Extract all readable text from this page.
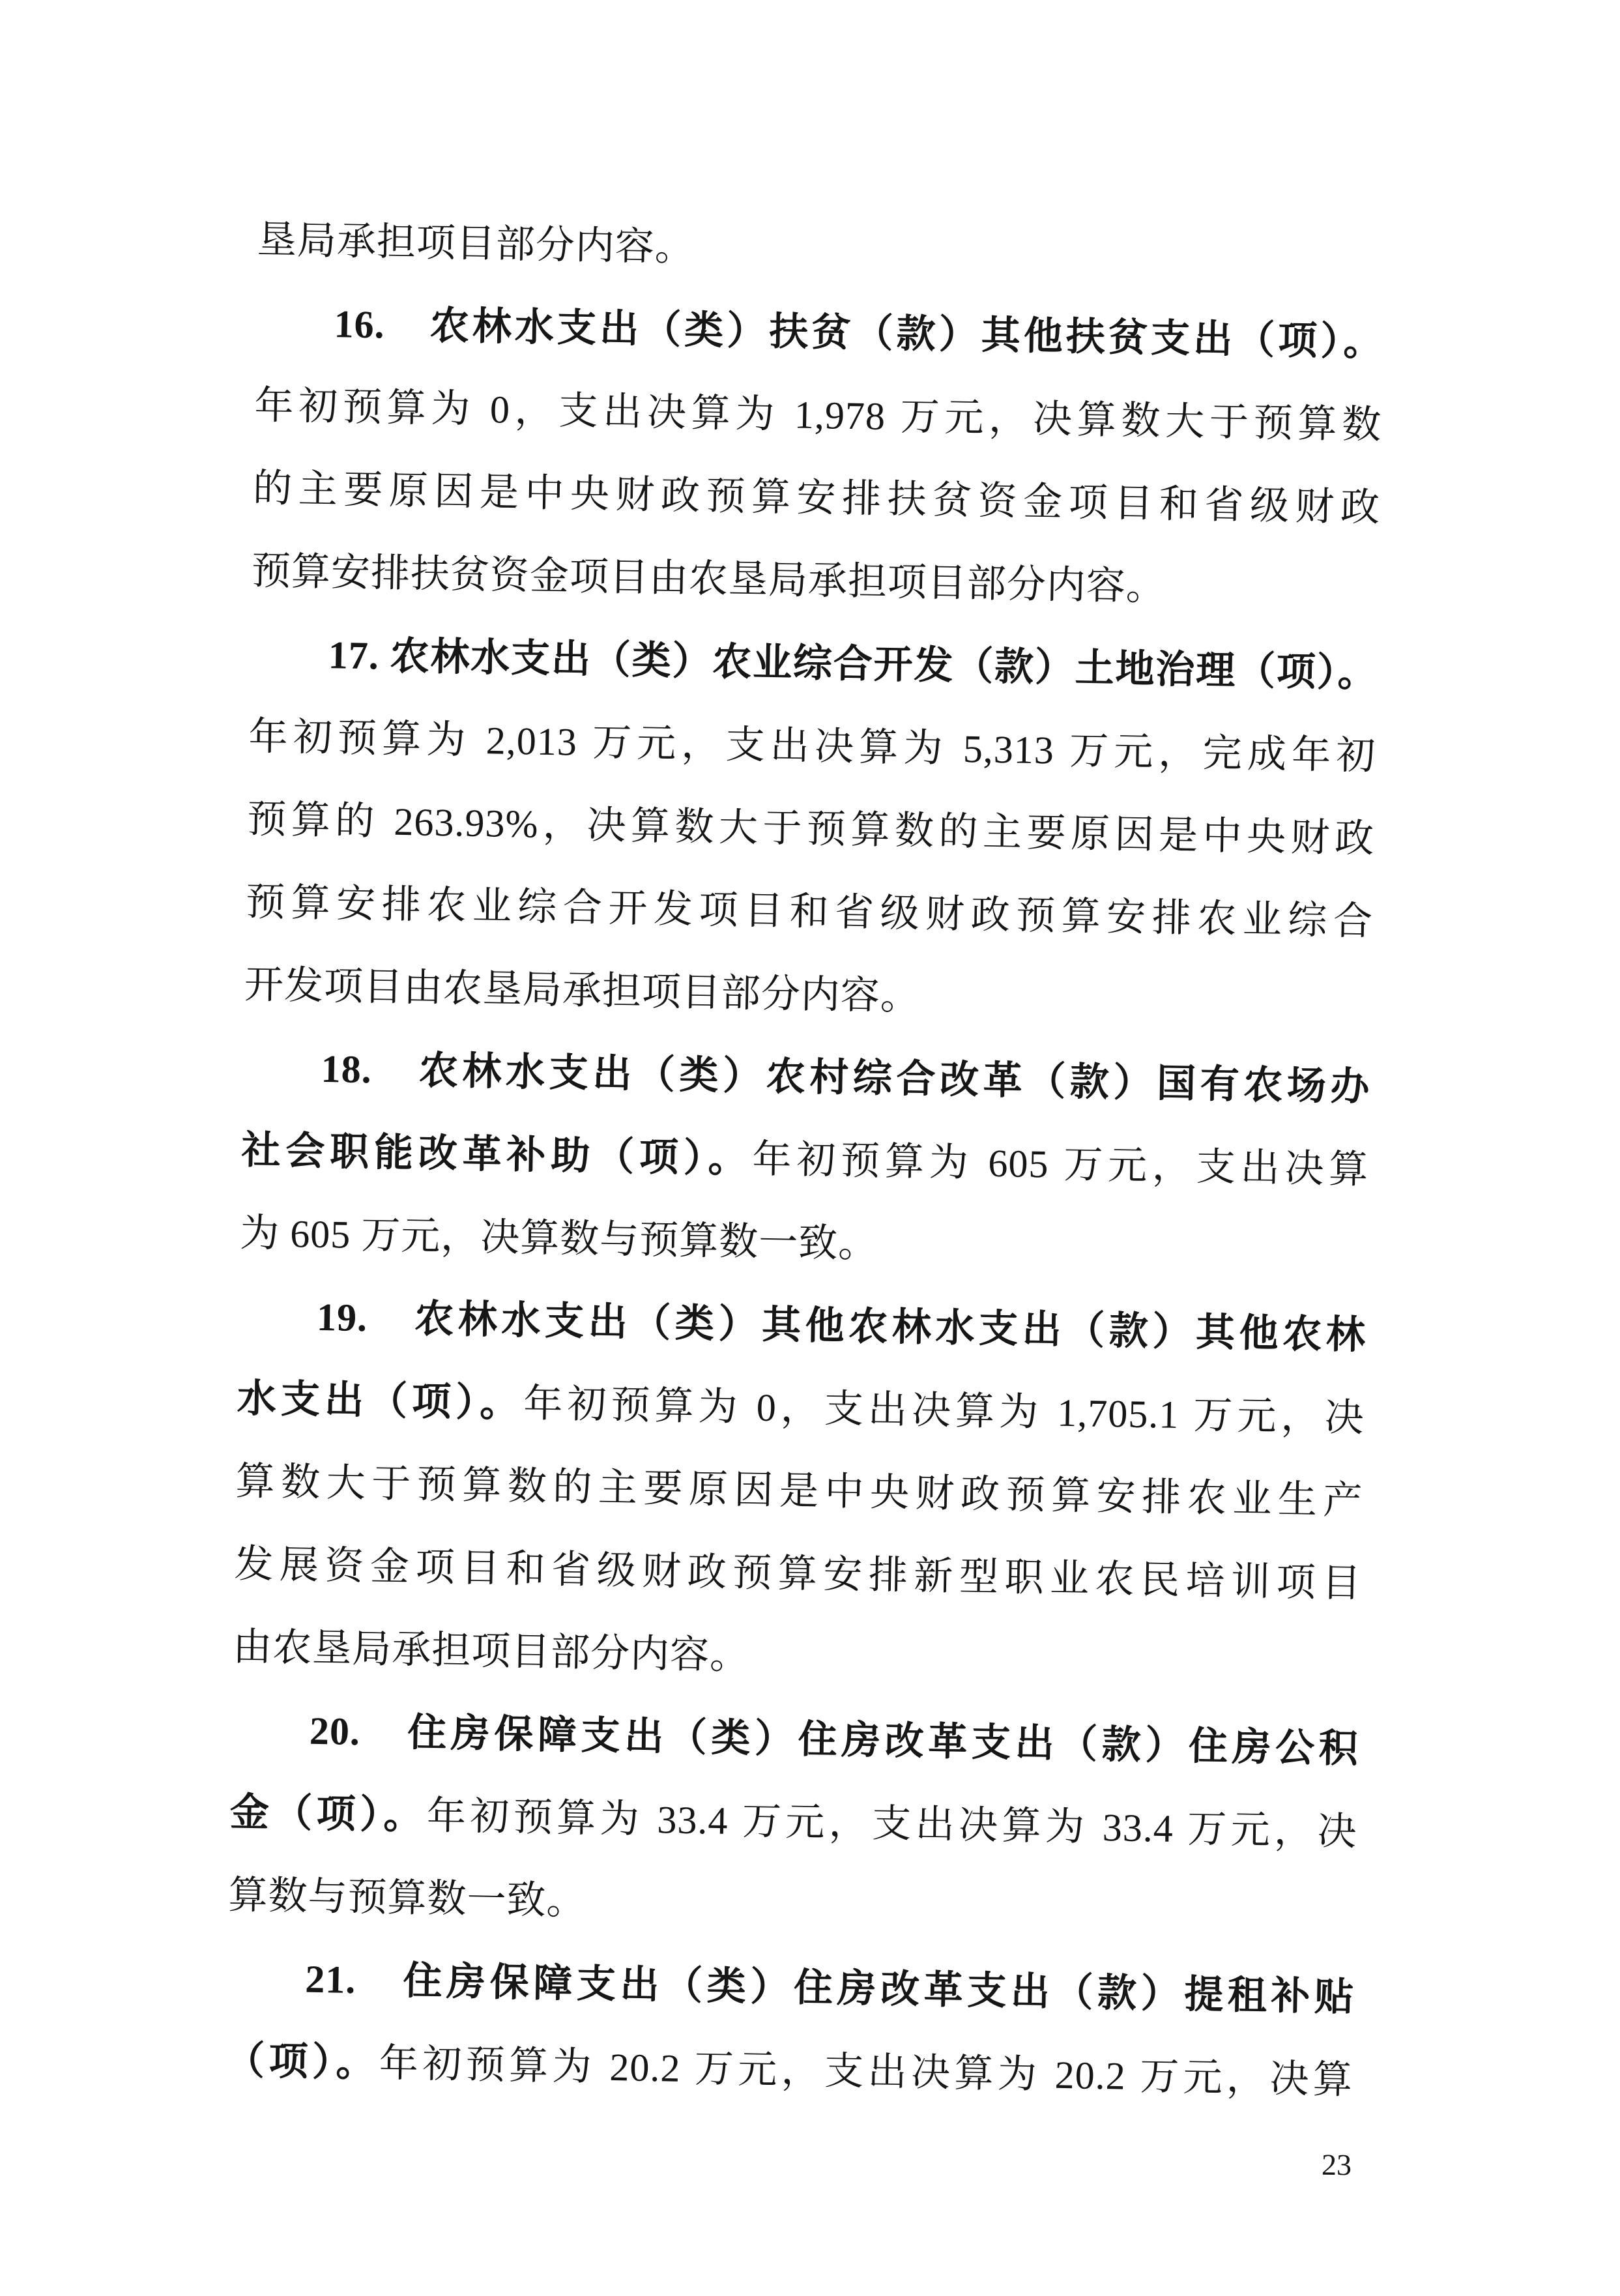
垦局承担项目部分内容。
16.　农林水支出（类）扶贫（款）其他扶贫支出（项）。
年初预算为 0，支出决算为 1,978 万元，决算数大于预算数
的主要原因是中央财政预算安排扶贫资金项目和省级财政
预算安排扶贫资金项目由农垦局承担项目部分内容。
17. 农林水支出（类）农业综合开发（款）土地治理（项）。
年初预算为 2,013 万元，支出决算为 5,313 万元，完成年初
预算的 263.93%，决算数大于预算数的主要原因是中央财政
预算安排农业综合开发项目和省级财政预算安排农业综合
开发项目由农垦局承担项目部分内容。
18.　农林水支出（类）农村综合改革（款）国有农场办
社会职能改革补助（项）。年初预算为 605 万元，支出决算
为 605 万元，决算数与预算数一致。
19.　农林水支出（类）其他农林水支出（款）其他农林
水支出（项）。年初预算为 0，支出决算为 1,705.1 万元，决
算数大于预算数的主要原因是中央财政预算安排农业生产
发展资金项目和省级财政预算安排新型职业农民培训项目
由农垦局承担项目部分内容。
20.　住房保障支出（类）住房改革支出（款）住房公积
金（项）。年初预算为 33.4 万元，支出决算为 33.4 万元，决
算数与预算数一致。
21.　住房保障支出（类）住房改革支出（款）提租补贴
（项）。年初预算为 20.2 万元，支出决算为 20.2 万元，决算
23
